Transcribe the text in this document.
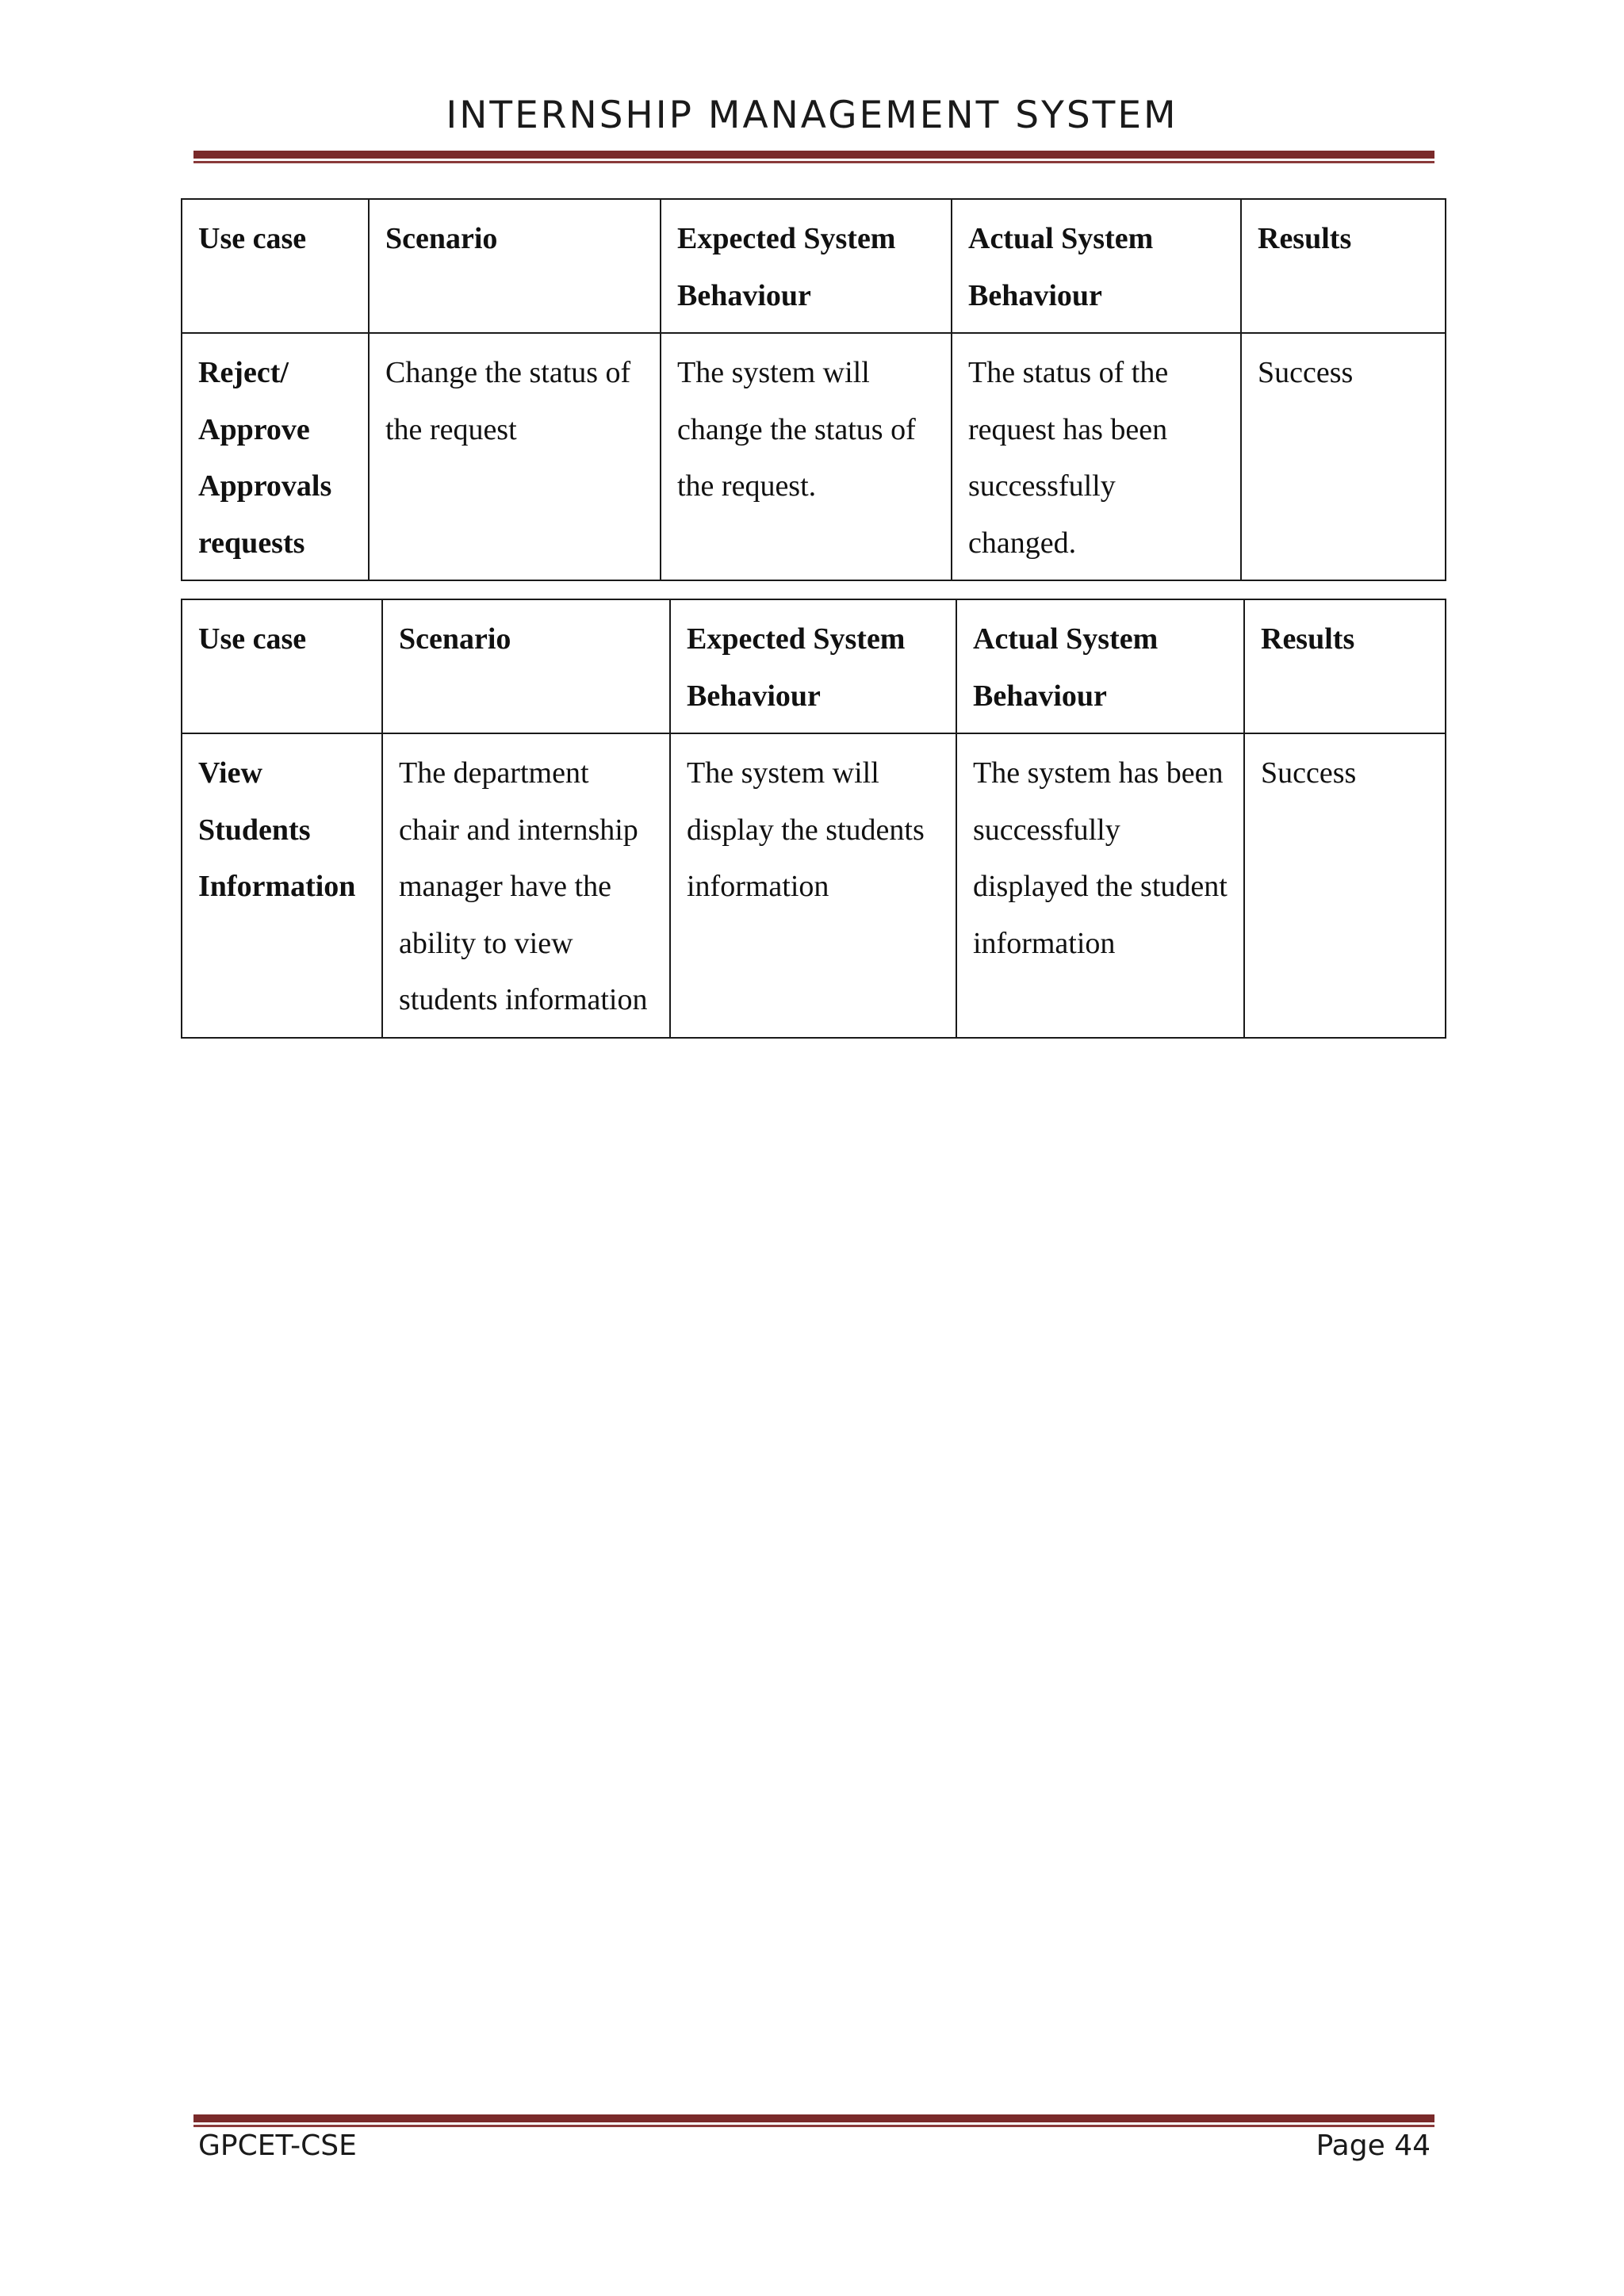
INTERNSHIP MANAGEMENT SYSTEM
Use case	Scenario	Expected System Behaviour	Actual System Behaviour	Results
Reject/ Approve Approvals requests	Change the status of the request	The system will change the status of the request.	The status of the request has been successfully changed.	Success
Use case	Scenario	Expected System Behaviour	Actual System Behaviour	Results
View Students Information	The department chair and internship manager have the ability to view students information	The system will display the students information	The system has been successfully displayed the student information	Success
GPCET-CSE	Page 44
